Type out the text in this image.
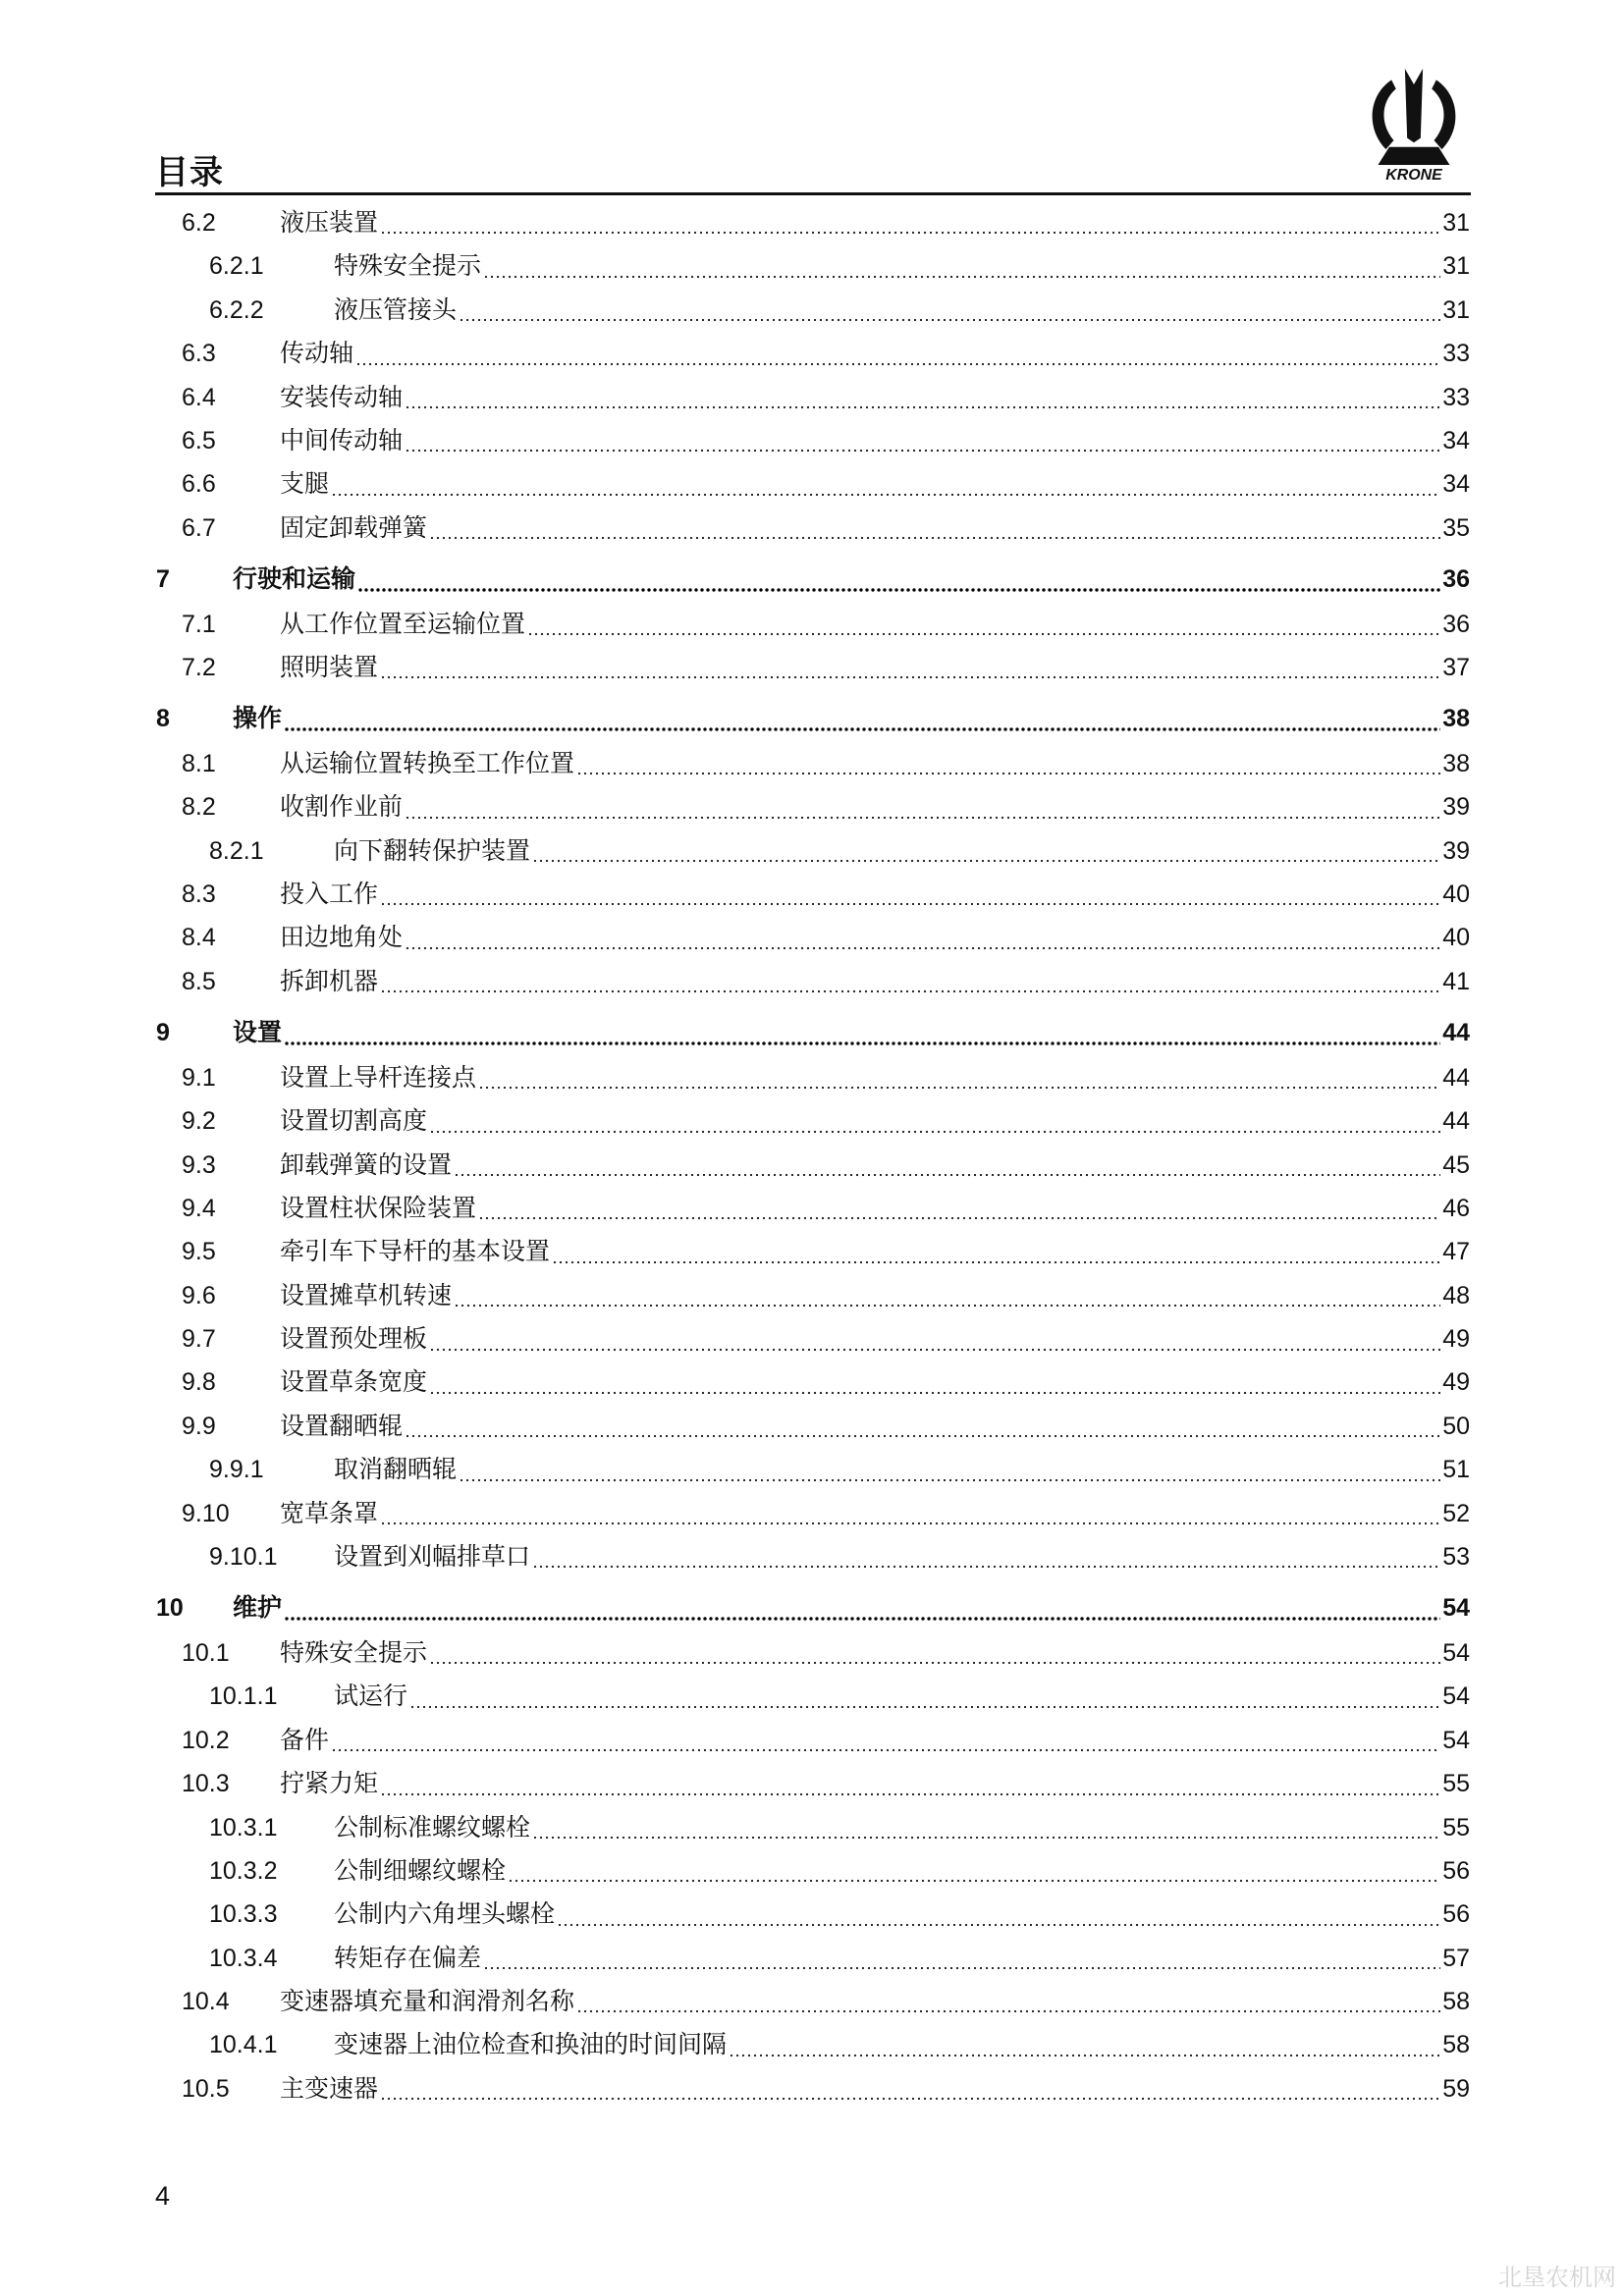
目录	KRONE
6.2	液压装置	31
6.2.1	特殊安全提示	31
6.2.2	液压管接头	31
6.3	传动轴	33
6.4	安装传动轴	33
6.5	中间传动轴	34
6.6	支腿	34
6.7	固定卸载弹簧	35
7	行驶和运输	36
7.1	从工作位置至运输位置	36
7.2	照明装置	37
8	操作	38
8.1	从运输位置转换至工作位置	38
8.2	收割作业前	39
8.2.1	向下翻转保护装置	39
8.3	投入工作	40
8.4	田边地角处	40
8.5	拆卸机器	41
9	设置	44
9.1	设置上导杆连接点	44
9.2	设置切割高度	44
9.3	卸载弹簧的设置	45
9.4	设置柱状保险装置	46
9.5	牵引车下导杆的基本设置	47
9.6	设置摊草机转速	48
9.7	设置预处理板	49
9.8	设置草条宽度	49
9.9	设置翻晒辊	50
9.9.1	取消翻晒辊	51
9.10 宽草条罩	52
9.10.1 设置到刈幅排草口	53
10 维护	54
10.1 特殊安全提示	54
10.1.1 试运行	54
10.2 备件	54
10.3 拧紧力矩	55
10.3.1 公制标准螺纹螺栓	55
10.3.2 公制细螺纹螺栓	56
10.3.3 公制内六角埋头螺栓	56
10.3.4 转矩存在偏差	57
10.4 变速器填充量和润滑剂名称	58
10.4.1 变速器上油位检查和换油的时间间隔	58
10.5 主变速器	59
4
北垦农机网
